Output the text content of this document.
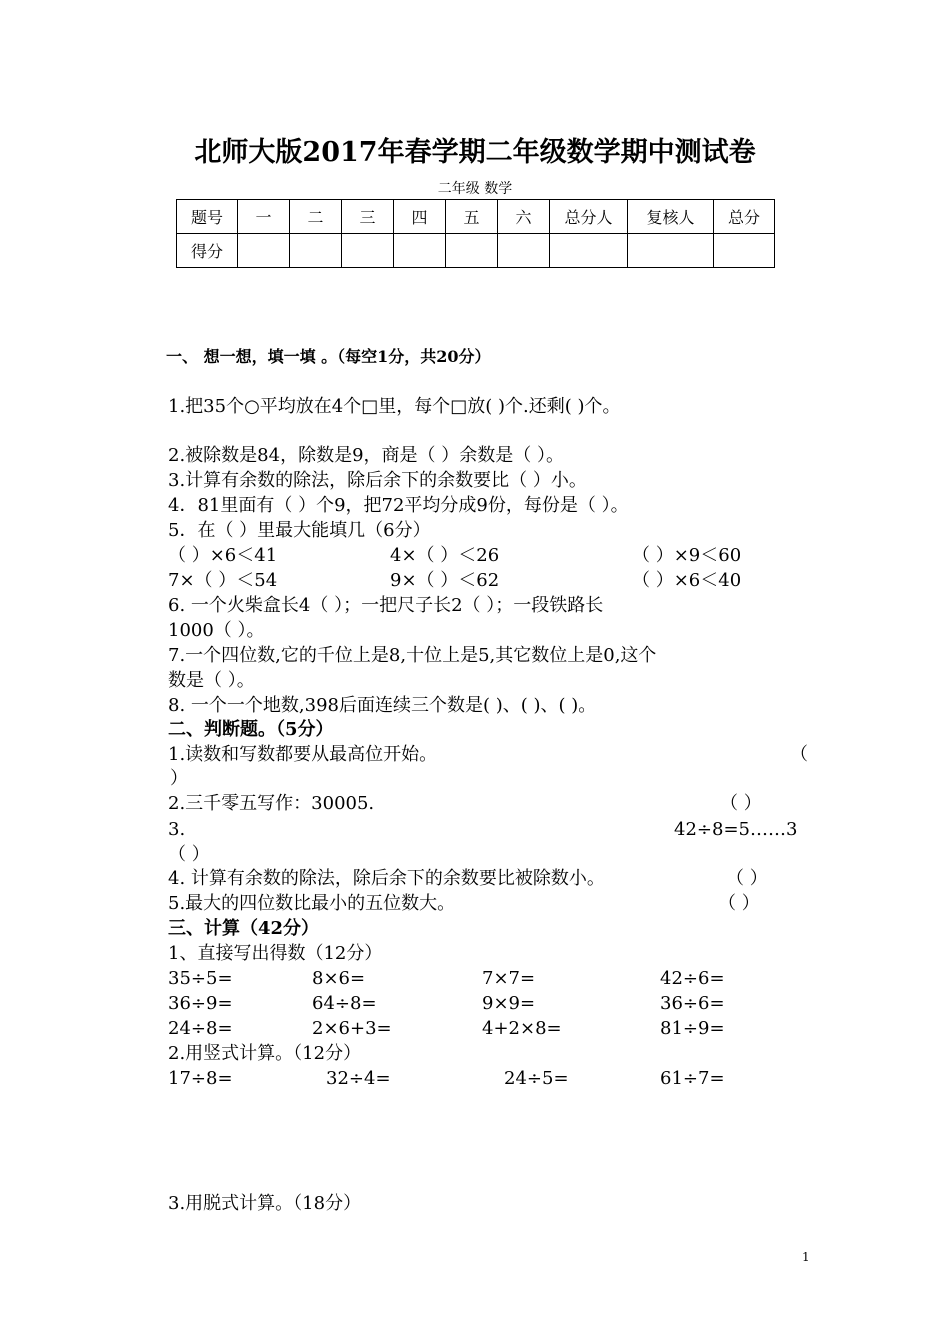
北师大版2017年春学期二年级数学期中测试卷
二年级 数学
题号	一	二	三	四	五	六	总分人	复核人	总分
得分									
一、 想一想，填一填 。（每空1分，共20分）
1.把35个○平均放在4个□里，每个□放( )个.还剩( )个。
2.被除数是84，除数是9，商是（ ）余数是（ ）。
3.计算有余数的除法，除后余下的余数要比（ ）小。
4．81里面有（ ）个9，把72平均分成9份，每份是（ ）。
5．在（ ）里最大能填几（6分）
（ ）×6＜41	4×（ ）＜26	（ ）×9＜60
7×（ ）＜54	9×（ ）＜62	（ ）×6＜40
6. 一个火柴盒长4（ ）；一把尺子长2（ ）；一段铁路长
1000（ ）。
7.一个四位数,它的千位上是8,十位上是5,其它数位上是0,这个
数是（ ）。
8. 一个一个地数,398后面连续三个数是( )、( )、( )。
二、判断题。（5分）
1.读数和写数都要从最高位开始。	（
）
2.三千零五写作：30005.	（ ）
3.	42÷8=5……3
（ ）
4. 计算有余数的除法，除后余下的余数要比被除数小。	（ ）
5.最大的四位数比最小的五位数大。	（ ）
三、计算（42分）
1、直接写出得数（12分）
35÷5=	8×6=	7×7=	42÷6=
36÷9=	64÷8=	9×9=	36÷6=
24÷8=	2×6+3=	4+2×8=	81÷9=
2.用竖式计算。（12分）
17÷8=	32÷4=	24÷5=	61÷7=
3.用脱式计算。（18分）
1
